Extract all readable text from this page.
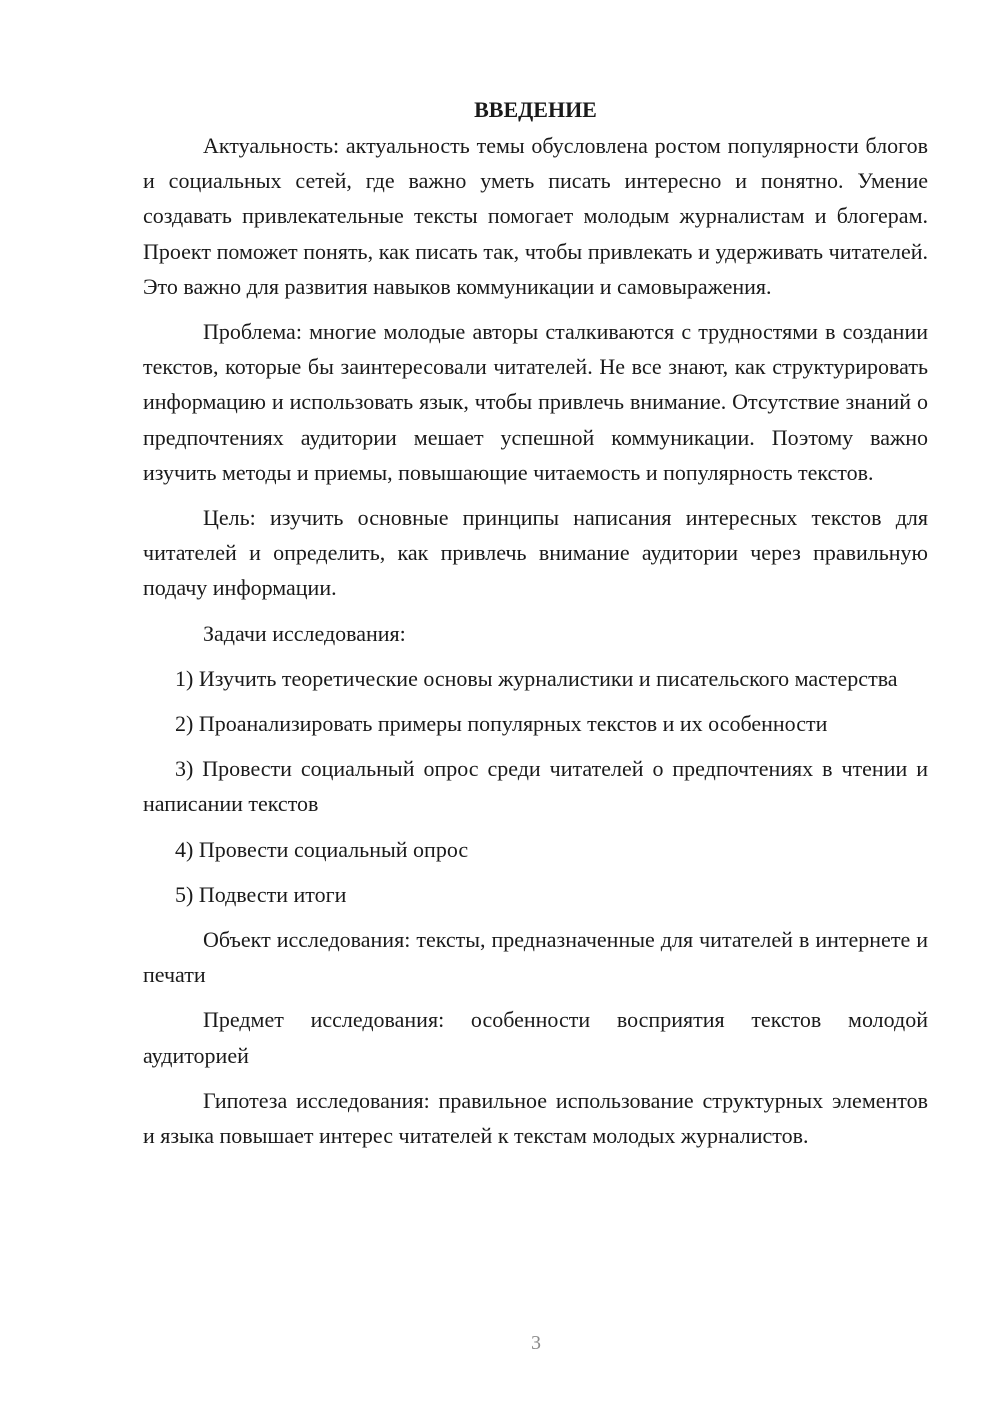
ВВЕДЕНИЕ

Актуальность: актуальность темы обусловлена ростом популярности блогов и социальных сетей, где важно уметь писать интересно и понятно. Умение создавать привлекательные тексты помогает молодым журналистам и блогерам. Проект поможет понять, как писать так, чтобы привлекать и удерживать читателей. Это важно для развития навыков коммуникации и самовыражения.

Проблема: многие молодые авторы сталкиваются с трудностями в создании текстов, которые бы заинтересовали читателей. Не все знают, как структурировать информацию и использовать язык, чтобы привлечь внимание. Отсутствие знаний о предпочтениях аудитории мешает успешной коммуникации. Поэтому важно изучить методы и приемы, повышающие читаемость и популярность текстов.

Цель: изучить основные принципы написания интересных текстов для читателей и определить, как привлечь внимание аудитории через правильную подачу информации.

Задачи исследования:

1) Изучить теоретические основы журналистики и писательского мастерства

2) Проанализировать примеры популярных текстов и их особенности

3) Провести социальный опрос среди читателей о предпочтениях в чтении и написании текстов

4) Провести социальный опрос

5) Подвести итоги

Объект исследования: тексты, предназначенные для читателей в интернете и печати

Предмет исследования: особенности восприятия текстов молодой аудиторией

Гипотеза исследования: правильное использование структурных элементов и языка повышает интерес читателей к текстам молодых журналистов.

3
